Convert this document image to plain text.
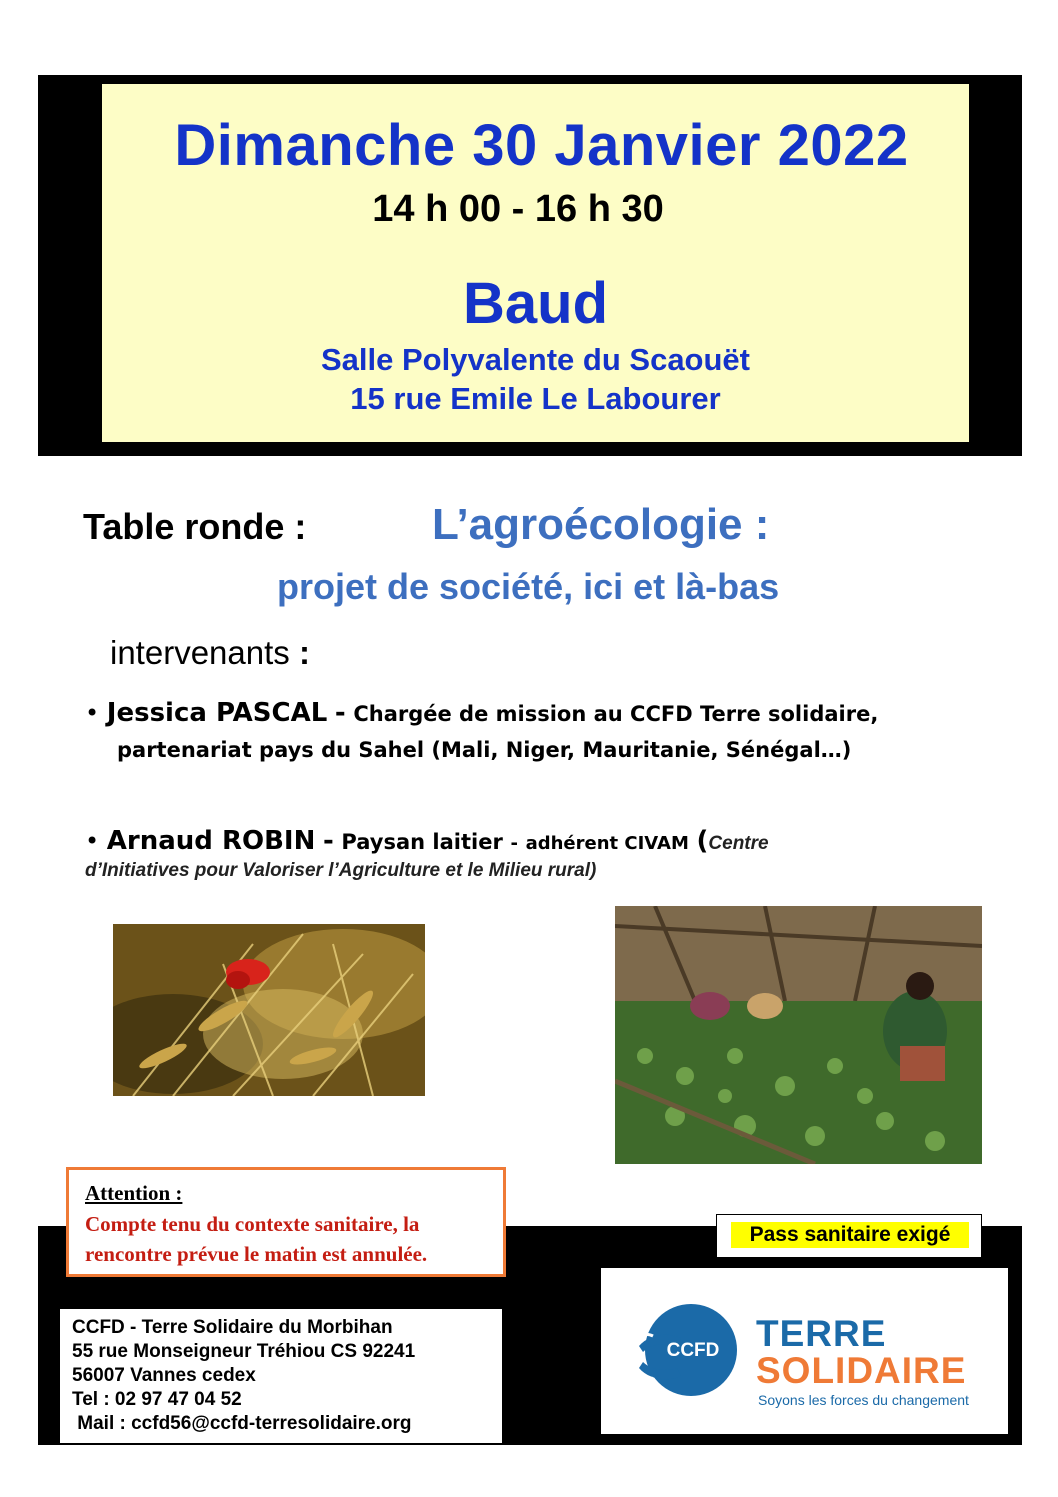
Dimanche 30 Janvier 2022
14 h 00 - 16 h 30
Baud
Salle Polyvalente du Scaouët
15 rue Emile Le Labourer
Table ronde :	L’agroécologie :
projet de société, ici et là-bas
intervenants :
• Jessica PASCAL - Chargée de mission au CCFD Terre solidaire,
partenariat pays du Sahel (Mali, Niger, Mauritanie, Sénégal…)
• Arnaud ROBIN - Paysan laitier - adhérent CIVAM (Centre
d’Initiatives pour Valoriser l’Agriculture et le Milieu rural)
Attention :
Compte tenu du contexte sanitaire, la
rencontre prévue le matin est annulée.
Pass sanitaire exigé
CCFD - Terre Solidaire du Morbihan
55 rue Monseigneur Tréhiou CS 92241
56007 Vannes cedex
Tel : 02 97 47 04 52
Mail : ccfd56@ccfd-terresolidaire.org
CCFD TERRE
SOLIDAIRE
Soyons les forces du changement
